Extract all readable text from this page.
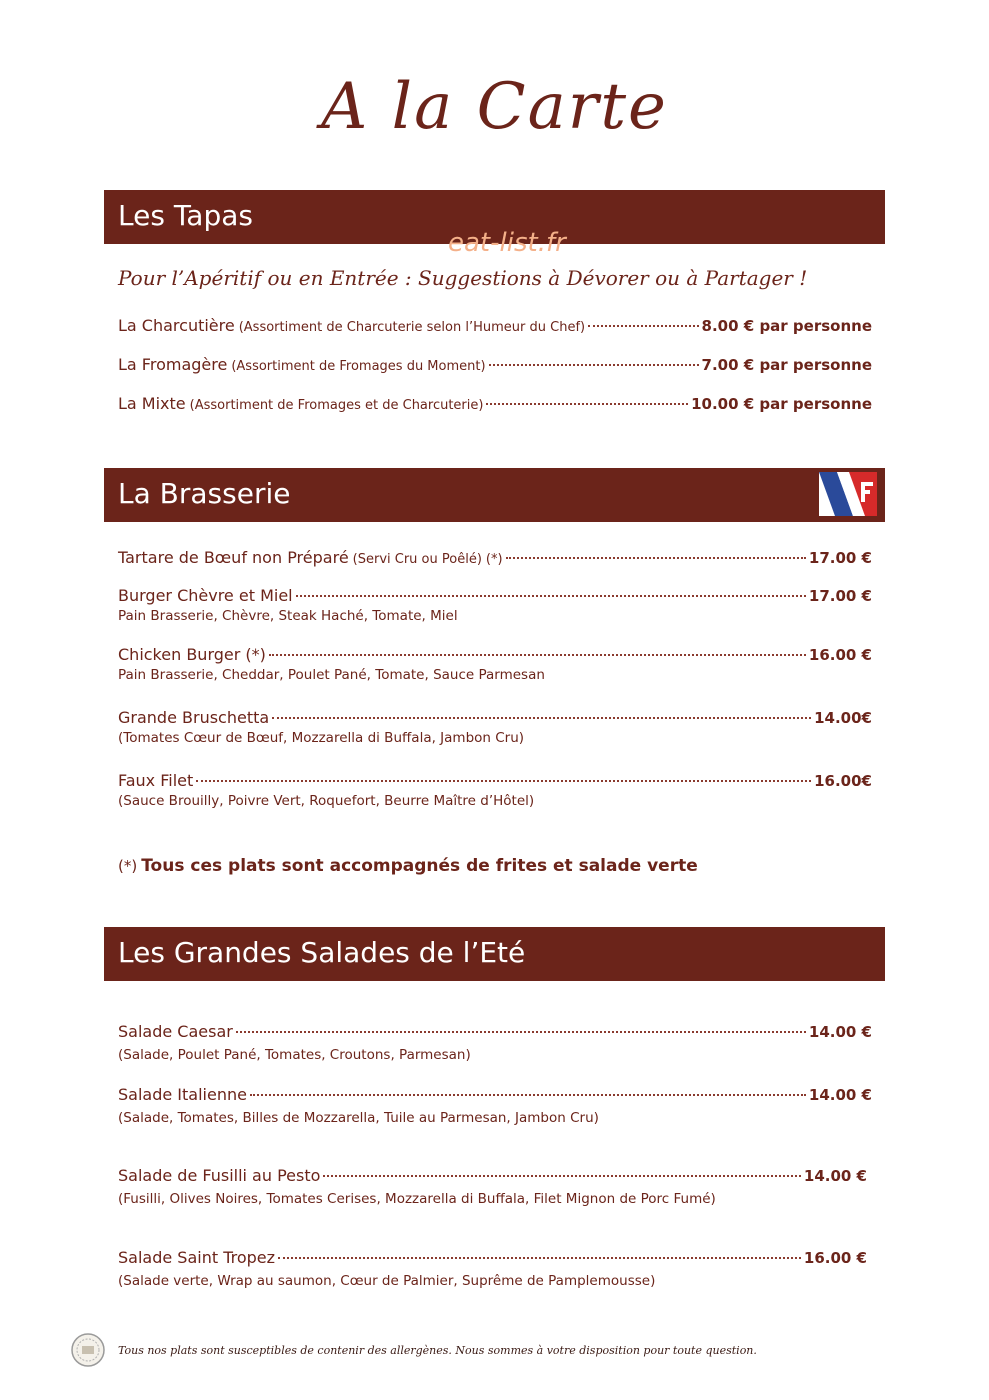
A la Carte
Les Tapas
eat-list.fr
Pour l’Apéritif ou en Entrée : Suggestions à Dévorer ou à Partager !
La Charcutière (Assortiment de Charcuterie selon l’Humeur du Chef)	8.00 € par personne
La Fromagère (Assortiment de Fromages du Moment)	7.00 € par personne
La Mixte (Assortiment de Fromages et de Charcuterie)	10.00 € par personne
La Brasserie
Tartare de Bœuf non Préparé (Servi Cru ou Poêlé) (*)	17.00 €
Burger Chèvre et Miel	17.00 €
Pain Brasserie, Chèvre, Steak Haché, Tomate, Miel
Chicken Burger (*)	16.00 €
Pain Brasserie, Cheddar, Poulet Pané, Tomate, Sauce Parmesan
Grande Bruschetta	14.00€
(Tomates Cœur de Bœuf, Mozzarella di Buffala, Jambon Cru)
Faux Filet	16.00€
(Sauce Brouilly, Poivre Vert, Roquefort, Beurre Maître d’Hôtel)
(*) Tous ces plats sont accompagnés de frites et salade verte
Les Grandes Salades de l’Eté
Salade Caesar	14.00 €
(Salade, Poulet Pané, Tomates, Croutons, Parmesan)
Salade Italienne	14.00 €
(Salade, Tomates, Billes de Mozzarella, Tuile au Parmesan, Jambon Cru)
Salade de Fusilli au Pesto	14.00 €
(Fusilli, Olives Noires, Tomates Cerises, Mozzarella di Buffala, Filet Mignon de Porc Fumé)
Salade Saint Tropez	16.00 €
(Salade verte, Wrap au saumon, Cœur de Palmier, Suprême de Pamplemousse)
Tous nos plats sont susceptibles de contenir des allergènes. Nous sommes à votre disposition pour toute question.
